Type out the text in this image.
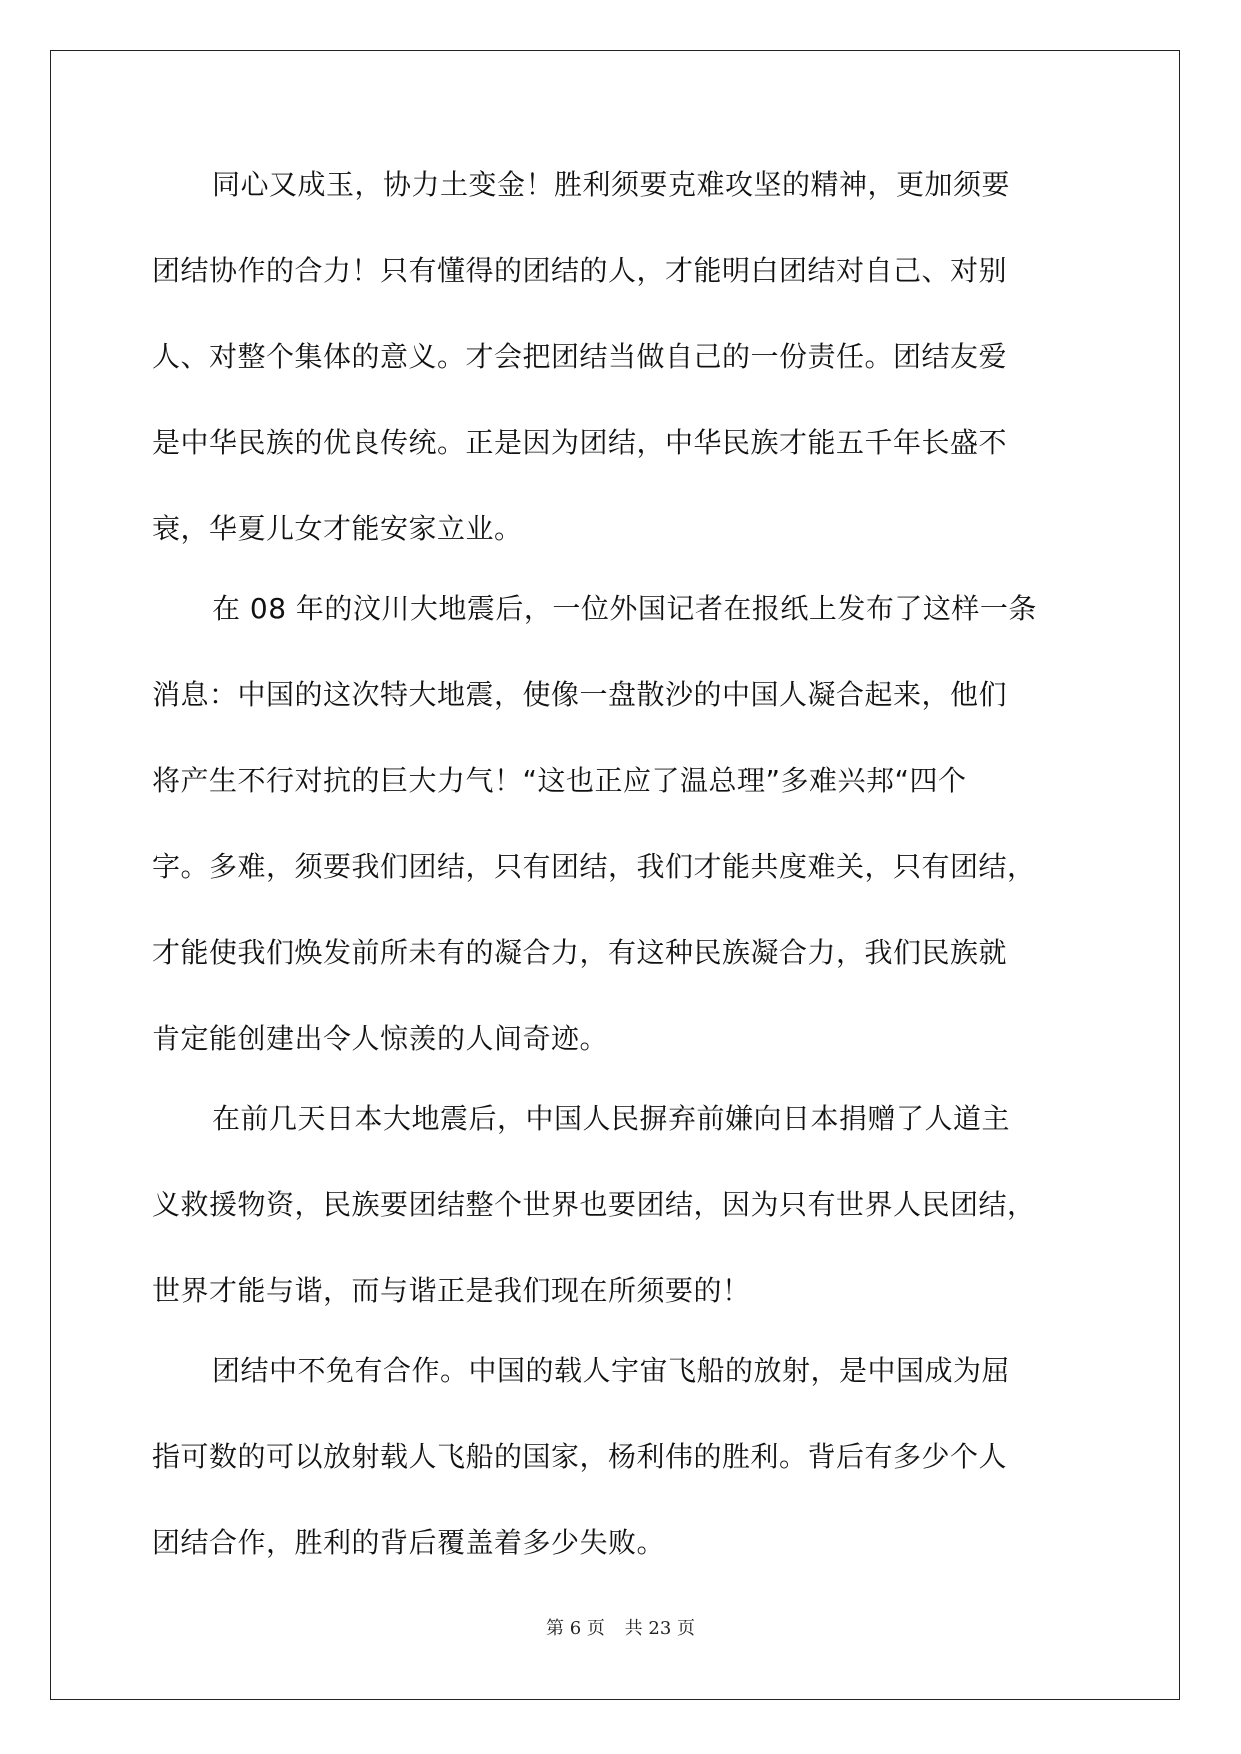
同心又成玉，协力土变金！胜利须要克难攻坚的精神，更加须要
团结协作的合力！只有懂得的团结的人，才能明白团结对自己、对别
人、对整个集体的意义。才会把团结当做自己的一份责任。团结友爱
是中华民族的优良传统。正是因为团结，中华民族才能五千年长盛不
衰，华夏儿女才能安家立业。
在 08 年的汶川大地震后，一位外国记者在报纸上发布了这样一条
消息：中国的这次特大地震，使像一盘散沙的中国人凝合起来，他们
将产生不行对抗的巨大力气！“这也正应了温总理”多难兴邦“四个
字。多难，须要我们团结，只有团结，我们才能共度难关，只有团结，
才能使我们焕发前所未有的凝合力，有这种民族凝合力，我们民族就
肯定能创建出令人惊羡的人间奇迹。
在前几天日本大地震后，中国人民摒弃前嫌向日本捐赠了人道主
义救援物资，民族要团结整个世界也要团结，因为只有世界人民团结，
世界才能与谐，而与谐正是我们现在所须要的！
团结中不免有合作。中国的载人宇宙飞船的放射，是中国成为屈
指可数的可以放射载人飞船的国家，杨利伟的胜利。背后有多少个人
团结合作，胜利的背后覆盖着多少失败。
第 6 页 共 23 页
